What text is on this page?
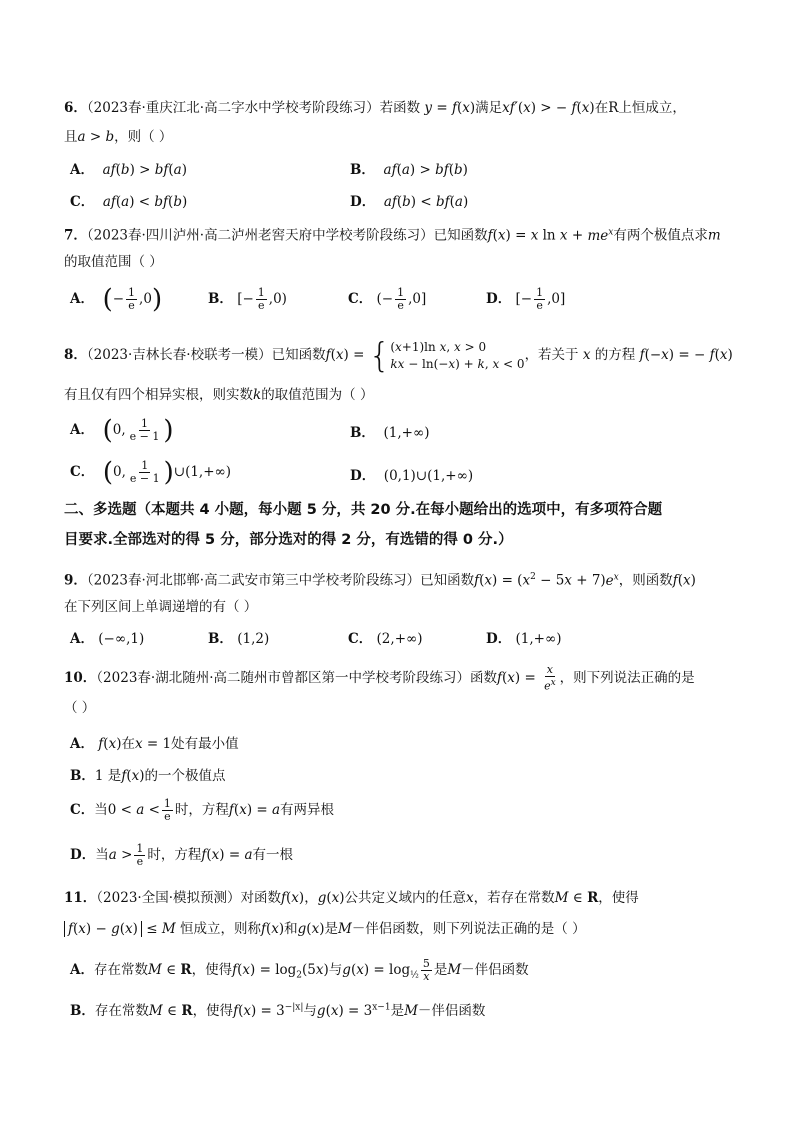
6．（2023春·重庆江北·高二字水中学校考阶段练习）若函数 y = f(x)满足xf′(x) > − f(x)在R上恒成立，
且a > b，则（ ）
A． af(b) > bf(a)	B． af(a) > bf(b)
C． af(a) < bf(b)	D． af(b) < bf(a)
7．（2023春·四川泸州·高二泸州老窖天府中学校考阶段练习）已知函数f(x) = x $\ln x + me^x$有两个极值点求m
的取值范围（ ）
A． (− $\frac{1}{e} ,0$)	B． [− $\frac{1}{e} ,0$)	C． (− $\frac{1}{e} ,0$]	D． [− $\frac{1}{e} ,0$]
8．（2023·吉林长春·校联考一模）已知函数f(x) = {(x+1)ln x, x > 0
kx − ln(−x) + k, x < 0，若关于 x 的方程 f(−x) = − f(x)
有且仅有四个相异实根，则实数k的取值范围为（ ）
A． (0, $\frac{1}{e - 1}$ )	B．  (1,+∞)
C． (0, $\frac{1}{e - 1}$ )∪(1,+∞)	D．  (0,1)∪(1,+∞)
二、多选题（本题共 4 小题，每小题 5 分，共 20 分.在每小题给出的选项中，有多项符合题
目要求.全部选对的得 5 分，部分选对的得 2 分，有选错的得 0 分.）
9．（2023春·河北邯郸·高二武安市第三中学校考阶段练习）已知函数$f(x) = (x^2 - 5x + 7)e^x$，则函数f(x)
在下列区间上单调递增的有（ ）
A． (−∞,1)	B． (1,2)	C． (2,+∞)	D． (1,+∞)
10．（2023春·湖北随州·高二随州市曾都区第一中学校考阶段练习）函数$f(x) = \frac{x}{e^x}$ ，则下列说法正确的是
（ ）
A． f(x)在x = 1处有最小值
B．1 是f(x)的一个极值点
C．当$0 < a < \frac{1}{e}$ 时，方程f(x) = a有两异根
D．当$a > \frac{1}{e}$ 时，方程f(x) = a有一根
11．（2023·全国·模拟预测）对函数f(x)，g(x)公共定义域内的任意x，若存在常数M ∈ R，使得
f(x) − g(x) ≤ M 恒成立，则称f(x)和g(x)是M－伴侣函数，则下列说法正确的是（ ）
A．存在常数M ∈ R，使得$f(x) = \log_2(5x)$与$g(x) = \log_{\frac{1}{2}} \frac{5}{x}$ 是M－伴侣函数
B．存在常数M ∈ R，使得$f(x) = 3^{-|x|}$与$g(x) = 3^{x-1}$是M－伴侣函数
